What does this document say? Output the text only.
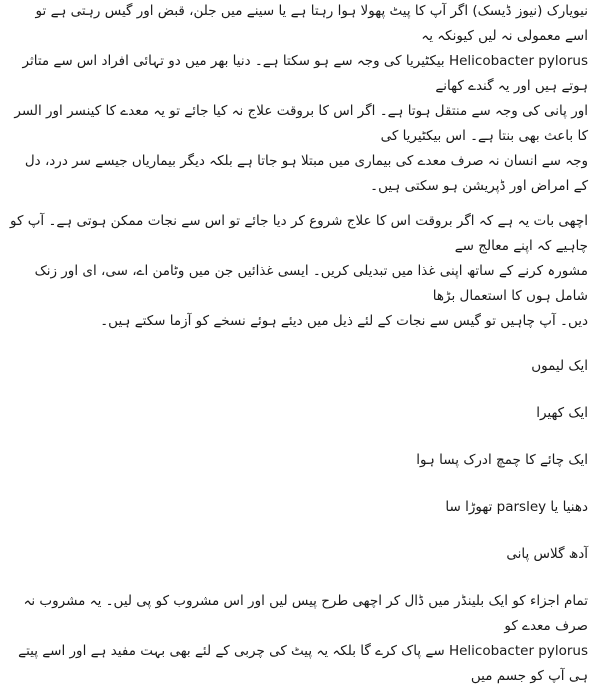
نیویارک (نیوز ڈیسک) اگر آپ کا پیٹ پھولا ہوا رہتا ہے یا سینے میں جلن، قبض اور گیس رہتی ہے تو اسے معمولی نہ لیں کیونکہ یہ
Helicobacter pylorus بیکٹیریا کی وجہ سے ہو سکتا ہے۔ دنیا بھر میں دو تہائی افراد اس سے متاثر ہوتے ہیں اور یہ گندے کھانے
اور پانی کی وجہ سے منتقل ہوتا ہے۔ اگر اس کا بروقت علاج نہ کیا جائے تو یہ معدے کا کینسر اور السر کا باعث بھی بنتا ہے۔ اس بیکٹیریا کی
وجہ سے انسان نہ صرف معدے کی بیماری میں مبتلا ہو جاتا ہے بلکہ دیگر بیماریاں جیسے سر درد، دل کے امراض اور ڈپریشن ہو سکتی ہیں۔

اچھی بات یہ ہے کہ اگر بروقت اس کا علاج شروع کر دیا جائے تو اس سے نجات ممکن ہوتی ہے۔ آپ کو چاہیے کہ اپنے معالج سے
مشورہ کرنے کے ساتھ اپنی غذا میں تبدیلی کریں۔ ایسی غذائیں جن میں وٹامن اے، سی، ای اور زنک شامل ہوں کا استعمال بڑھا
دیں۔ آپ چاہیں تو گیس سے نجات کے لئے ذیل میں دیئے ہوئے نسخے کو آزما سکتے ہیں۔

ایک لیموں
ایک کھیرا
ایک چائے کا چمچ ادرک پسا ہوا
دھنیا یا parsley تھوڑا سا
آدھ گلاس پانی

تمام اجزاء کو ایک بلینڈر میں ڈال کر اچھی طرح پیس لیں اور اس مشروب کو پی لیں۔ یہ مشروب نہ صرف معدے کو
Helicobacter pylorus سے پاک کرے گا بلکہ یہ پیٹ کی چربی کے لئے بھی بہت مفید ہے اور اسے پیتے ہی آپ کو جسم میں
